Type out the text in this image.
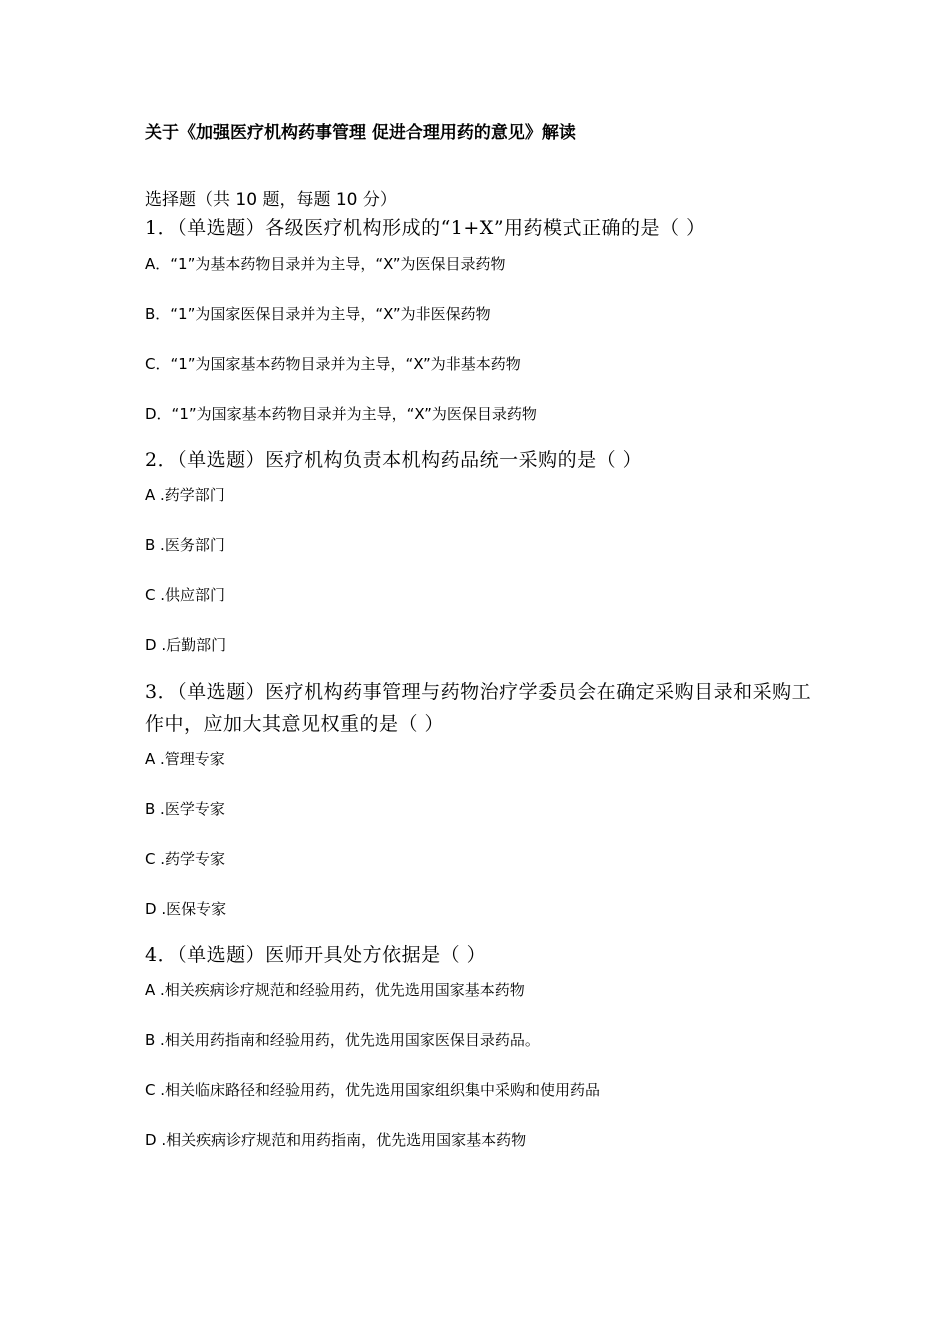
关于《加强医疗机构药事管理 促进合理用药的意见》解读
选择题（共 10 题，每题 10 分）
1．（单选题）各级医疗机构形成的“1+X”用药模式正确的是（ ）
A．“1”为基本药物目录并为主导，“X”为医保目录药物
B．“1”为国家医保目录并为主导，“X”为非医保药物
C．“1”为国家基本药物目录并为主导，“X”为非基本药物
D．“1”为国家基本药物目录并为主导，“X”为医保目录药物
2．（单选题）医疗机构负责本机构药品统一采购的是（ ）
A .药学部门
B .医务部门
C .供应部门
D .后勤部门
3．（单选题）医疗机构药事管理与药物治疗学委员会在确定采购目录和采购工作中，应加大其意见权重的是（ ）
A .管理专家
B .医学专家
C .药学专家
D .医保专家
4．（单选题）医师开具处方依据是（ ）
A .相关疾病诊疗规范和经验用药，优先选用国家基本药物
B .相关用药指南和经验用药，优先选用国家医保目录药品。
C .相关临床路径和经验用药，优先选用国家组织集中采购和使用药品
D .相关疾病诊疗规范和用药指南，优先选用国家基本药物
